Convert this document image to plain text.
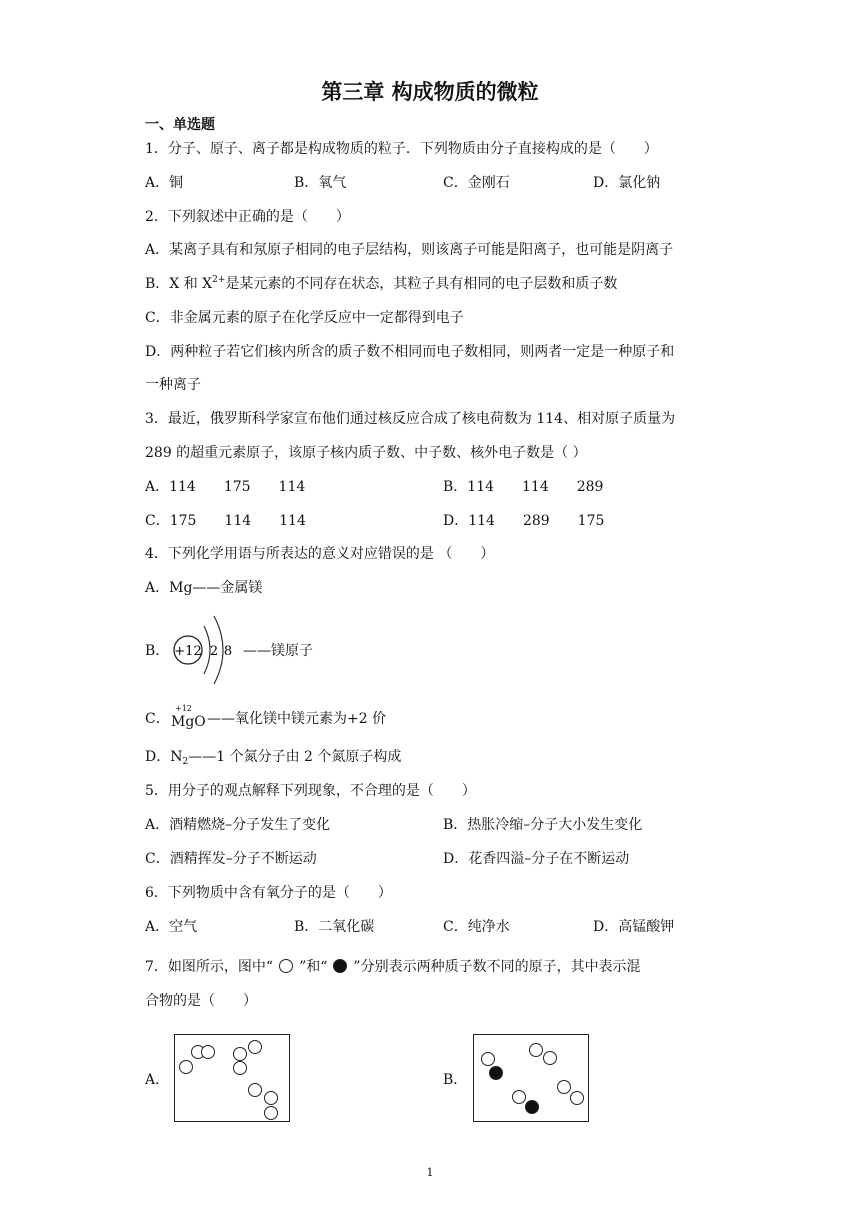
第三章 构成物质的微粒
一、单选题
1．分子、原子、离子都是构成物质的粒子．下列物质由分子直接构成的是（　　）
A．铜	B．氧气	C．金刚石	D．氯化钠
2．下列叙述中正确的是（　　）
A．某离子具有和氖原子相同的电子层结构，则该离子可能是阳离子，也可能是阴离子
B．X 和 $X^{2+}$是某元素的不同存在状态，其粒子具有相同的电子层数和质子数
C．非金属元素的原子在化学反应中一定都得到电子
D．两种粒子若它们核内所含的质子数不相同而电子数相同，则两者一定是一种原子和
一种离子
3．最近，俄罗斯科学家宣布他们通过核反应合成了核电荷数为 114、相对原子质量为
289 的超重元素原子，该原子核内质子数、中子数、核外电子数是（ ）
A．114　　175　　114	B．114　　114　　289
C．175　　114　　114	D．114　　289　　175
4．下列化学用语与所表达的意义对应错误的是 （　　）
A．Mg——金属镁
B． +12 2 8 ——镁原子
C．
+12
MgO ——氧化镁中镁元素为+2 价
D．$N_2——1$ 个氮分子由 2 个氮原子构成
5．用分子的观点解释下列现象，不合理的是（　　）
A．酒精燃烧–分子发生了变化	B．热胀冷缩–分子大小发生变化
C．酒精挥发–分子不断运动	D．花香四溢–分子在不断运动
6．下列物质中含有氧分子的是（　　）
A．空气	B．二氧化碳	C．纯净水	D．高锰酸钾
7．如图所示，图中“ ”和“ ”分别表示两种质子数不同的原子，其中表示混
合物的是（　　）
A．	B．
1
